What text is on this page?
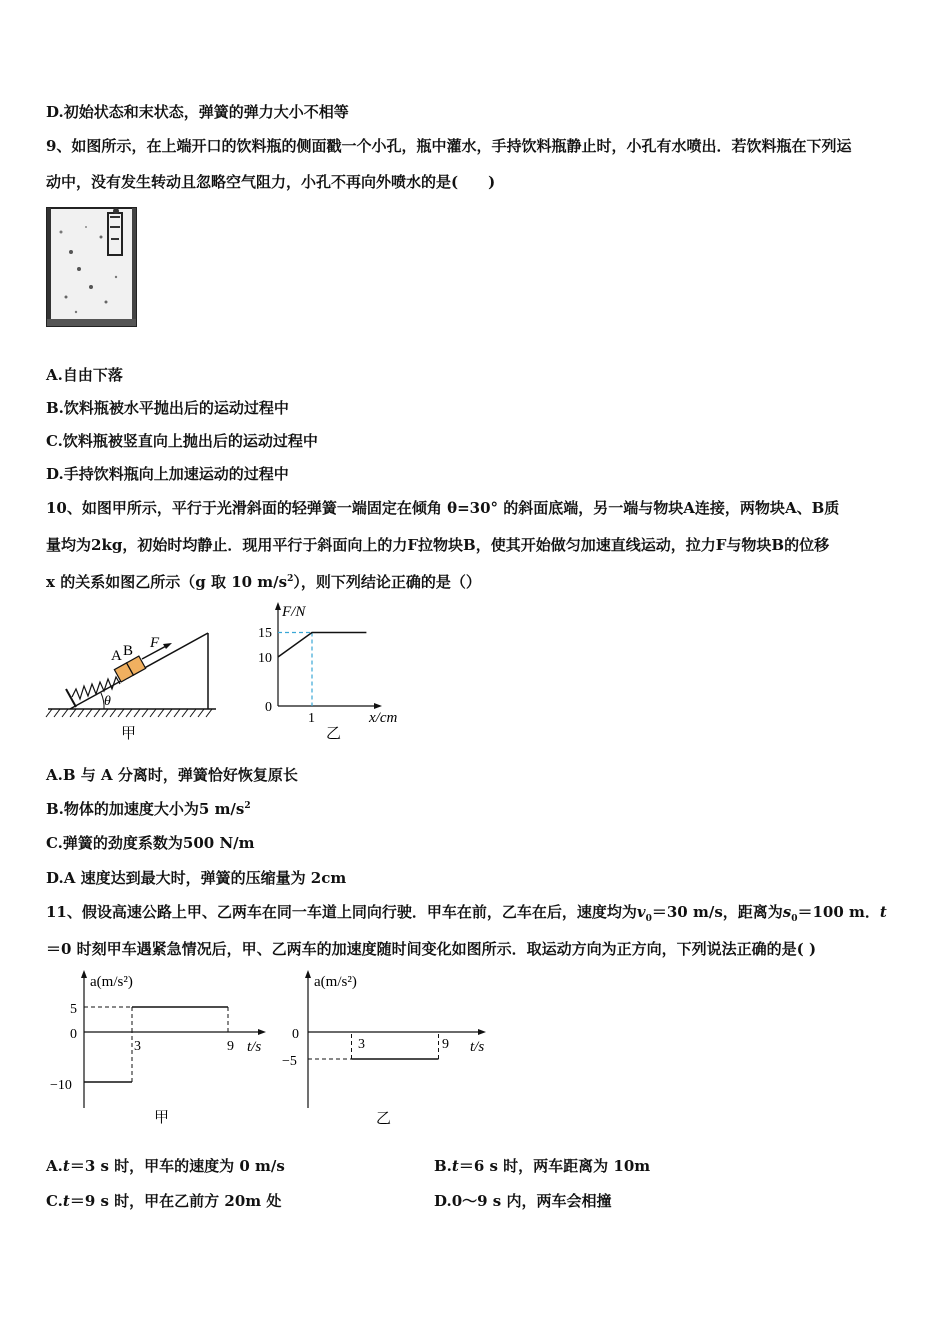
D.初始状态和末状态，弹簧的弹力大小不相等
9、如图所示，在上端开口的饮料瓶的侧面戳一个小孔，瓶中灌水，手持饮料瓶静止时，小孔有水喷出．若饮料瓶在下列运
动中，没有发生转动且忽略空气阻力，小孔不再向外喷水的是(　　)
A.自由下落
B.饮料瓶被水平抛出后的运动过程中
C.饮料瓶被竖直向上抛出后的运动过程中
D.手持饮料瓶向上加速运动的过程中
10、如图甲所示，平行于光滑斜面的轻弹簧一端固定在倾角 θ=30° 的斜面底端，另一端与物块A连接，两物块A、B质
量均为2kg，初始时均静止．现用平行于斜面向上的力F拉物块B，使其开始做匀加速直线运动，拉力F与物块B的位移
x 的关系如图乙所示（g 取 10 $m/s^2$），则下列结论正确的是（）
A B F
θ
甲
F/N
15
10
0
1	x/cm
乙
A.B 与 A 分离时，弹簧恰好恢复原长
B.物体的加速度大小为5 $m/s^2$
C.弹簧的劲度系数为500 N/m
D.A 速度达到最大时，弹簧的压缩量为 2cm
11、假设高速公路上甲、乙两车在同一车道上同向行驶．甲车在前，乙车在后，速度均为$v_0=30$ m/s，距离为$s_0=100$ m．t
＝0 时刻甲车遇紧急情况后，甲、乙两车的加速度随时间变化如图所示．取运动方向为正方向，下列说法正确的是( )
a(m/s²)
5
0
−10
3	9 t/s
甲
a(m/s²)
0
−5
3	9 t/s
乙
A.t＝3 s 时，甲车的速度为 0 m/s	B.t＝6 s 时，两车距离为 10m
C.t＝9 s 时，甲在乙前方 20m 处	D.0～9 s 内，两车会相撞
